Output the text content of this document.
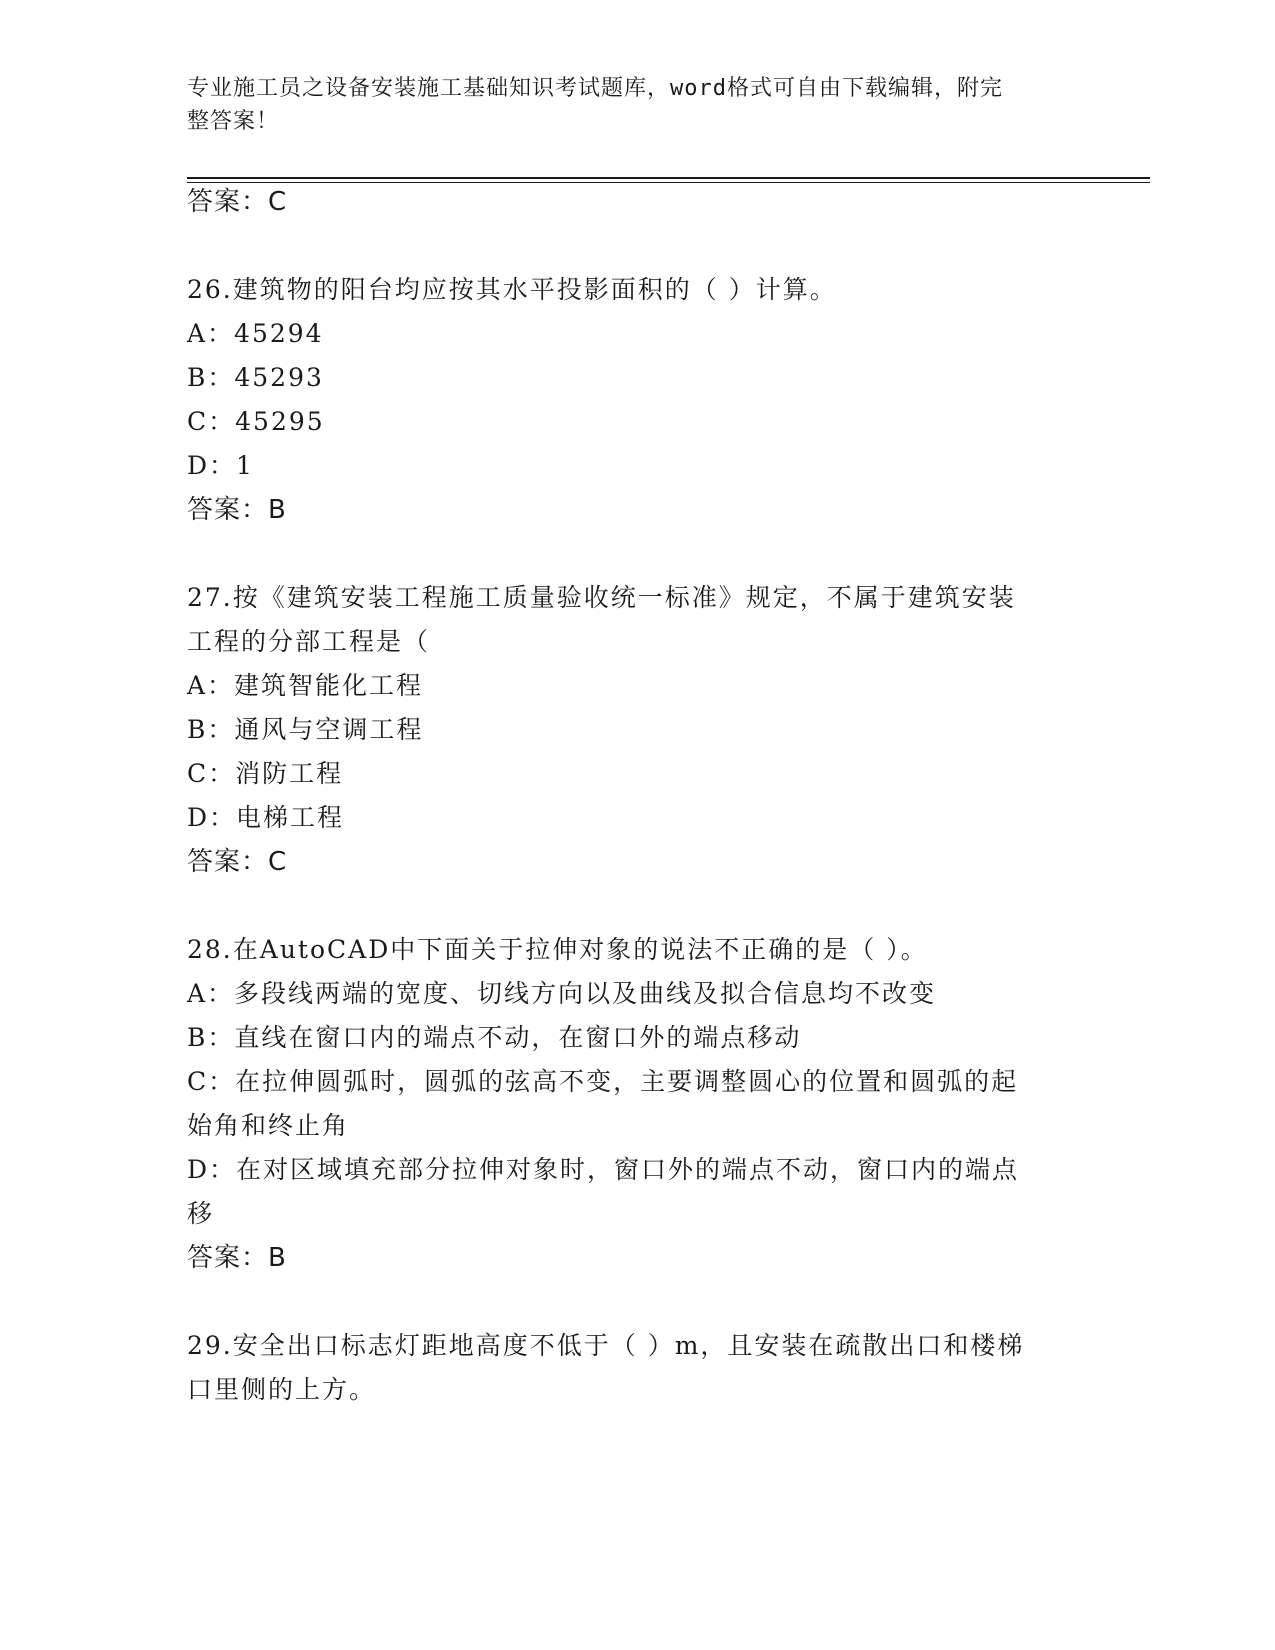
专业施工员之设备安装施工基础知识考试题库，word格式可自由下载编辑，附完
整答案！
答案：C
26.建筑物的阳台均应按其水平投影面积的（ ）计算。
A：45294
B：45293
C：45295
D：1
答案：B
27.按《建筑安装工程施工质量验收统一标准》规定，不属于建筑安装
工程的分部工程是（
A：建筑智能化工程
B：通风与空调工程
C：消防工程
D：电梯工程
答案：C
28.在AutoCAD中下面关于拉伸对象的说法不正确的是（ ）。
A：多段线两端的宽度、切线方向以及曲线及拟合信息均不改变
B：直线在窗口内的端点不动，在窗口外的端点移动
C：在拉伸圆弧时，圆弧的弦高不变，主要调整圆心的位置和圆弧的起
始角和终止角
D：在对区域填充部分拉伸对象时，窗口外的端点不动，窗口内的端点
移
答案：B
29.安全出口标志灯距地高度不低于（ ）m，且安装在疏散出口和楼梯
口里侧的上方。
